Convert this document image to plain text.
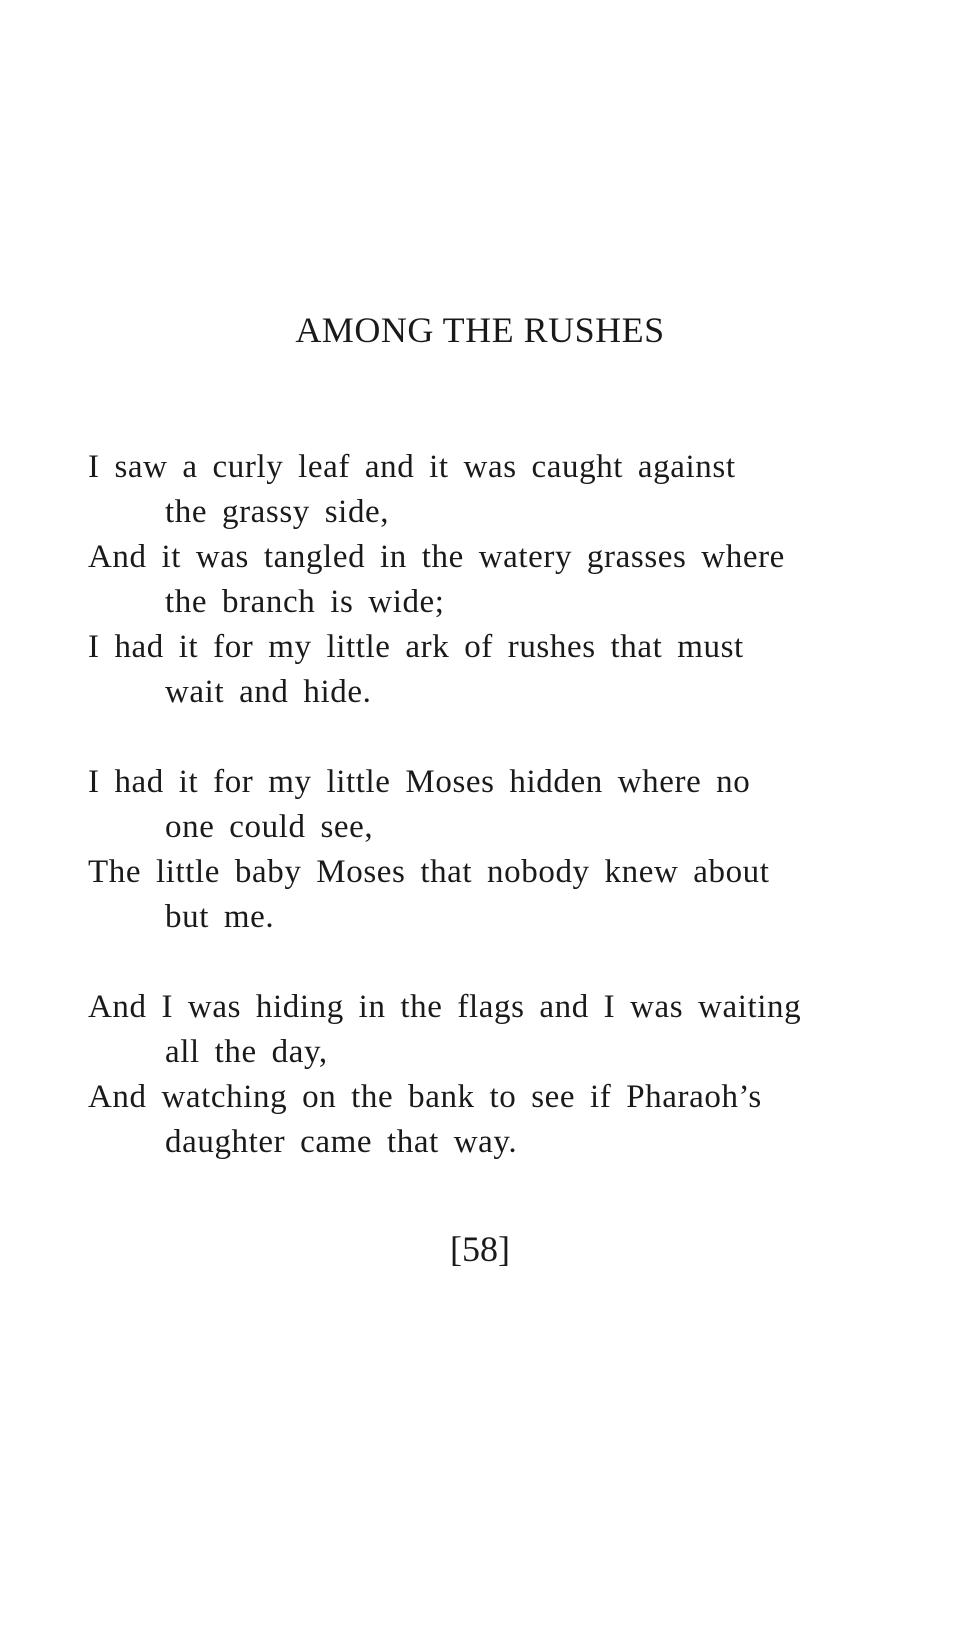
AMONG THE RUSHES

I saw a curly leaf and it was caught against
the grassy side,

And it was tangled in the watery grasses where
the branch is wide;

I had it for my little ark of rushes that must
wait and hide.

I had it for my little Moses hidden where no
one could see,

The little baby Moses that nobody knew about
but me.

And I was hiding in the flags and I was waiting
all the day,

And watching on the bank to see if Pharaoh’s
daughter came that way.

[58]
